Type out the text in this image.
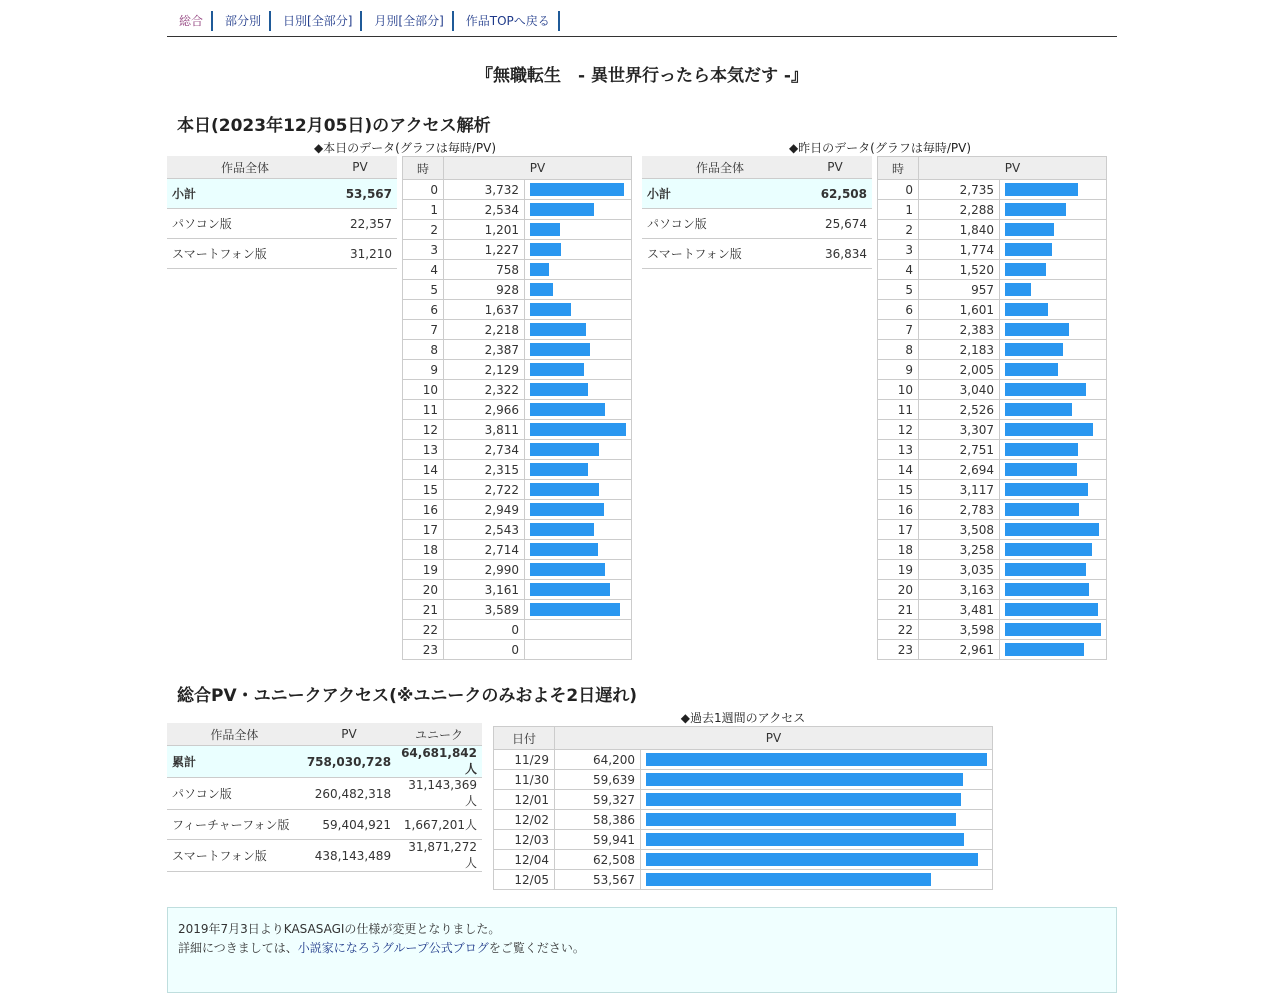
総合 部分別 日別[全部分] 月別[全部分] 作品TOPへ戻る
『無職転生　- 異世界行ったら本気だす -』
本日(2023年12月05日)のアクセス解析
◆本日のデータ(グラフは毎時/PV)	◆昨日のデータ(グラフは毎時/PV)
作品全体	PV
小計	53,567
パソコン版	22,357
スマートフォン版	31,210
時	PV	
0	3,732	

1	2,534	

2	1,201	

3	1,227	

4	758	

5	928	

6	1,637	

7	2,218	

8	2,387	

9	2,129	

10	2,322	

11	2,966	

12	3,811	

13	2,734	

14	2,315	

15	2,722	

16	2,949	

17	2,543	

18	2,714	

19	2,990	

20	3,161	

21	3,589	

22	0	

23	0	
作品全体	PV
小計	62,508
パソコン版	25,674
スマートフォン版	36,834
時	PV	
0	2,735	

1	2,288	

2	1,840	

3	1,774	

4	1,520	

5	957	

6	1,601	

7	2,383	

8	2,183	

9	2,005	

10	3,040	

11	2,526	

12	3,307	

13	2,751	

14	2,694	

15	3,117	

16	2,783	

17	3,508	

18	3,258	

19	3,035	

20	3,163	

21	3,481	

22	3,598	

23	2,961	
総合PV・ユニークアクセス(※ユニークのみおよそ2日遅れ)
作品全体	PV	ユニーク
累計	758,030,728	64,681,842人
パソコン版	260,482,318	31,143,369人
フィーチャーフォン版	59,404,921	1,667,201人
スマートフォン版	438,143,489	31,871,272人
◆過去1週間のアクセス
日付	PV	
11/29	64,200	

11/30	59,639	

12/01	59,327	

12/02	58,386	

12/03	59,941	

12/04	62,508	

12/05	53,567	
2019年7月3日よりKASASAGIの仕様が変更となりました。
詳細につきましては、小説家になろうグループ公式ブログをご覧ください。
